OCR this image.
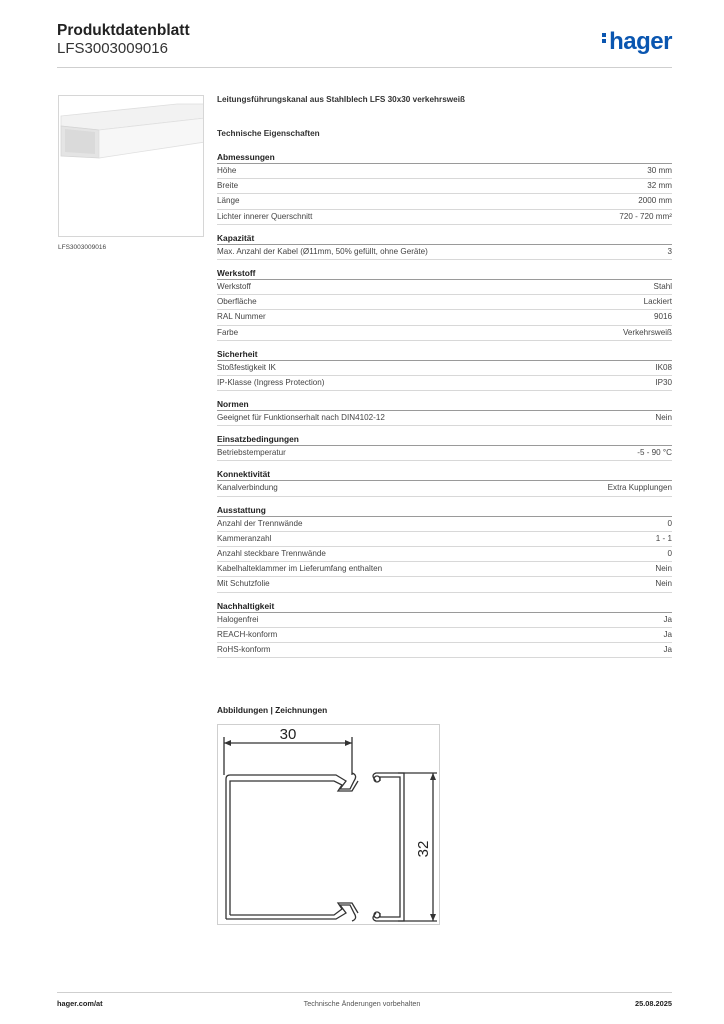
Produktdatenblatt
LFS3003009016	hager
LFS3003009016
Leitungsführungskanal aus Stahlblech LFS 30x30 verkehrsweiß
Technische Eigenschaften
Abmessungen
Höhe	30 mm
Breite	32 mm
Länge	2000 mm
Lichter innerer Querschnitt	720 - 720 mm²
Kapazität
Max. Anzahl der Kabel (Ø11mm, 50% gefüllt, ohne Geräte)	3
Werkstoff
Werkstoff	Stahl
Oberfläche	Lackiert
RAL Nummer	9016
Farbe	Verkehrsweiß
Sicherheit
Stoßfestigkeit IK	IK08
IP-Klasse (Ingress Protection)	IP30
Normen
Geeignet für Funktionserhalt nach DIN4102-12	Nein
Einsatzbedingungen
Betriebstemperatur	-5 - 90 °C
Konnektivität
Kanalverbindung	Extra Kupplungen
Ausstattung
Anzahl der Trennwände	0
Kammeranzahl	1 - 1
Anzahl steckbare Trennwände	0
Kabelhalteklammer im Lieferumfang enthalten	Nein
Mit Schutzfolie	Nein
Nachhaltigkeit
Halogenfrei	Ja
REACH-konform	Ja
RoHS-konform	Ja
Abbildungen | Zeichnungen
30
32
hager.com/at	Technische Änderungen vorbehalten	25.08.2025
